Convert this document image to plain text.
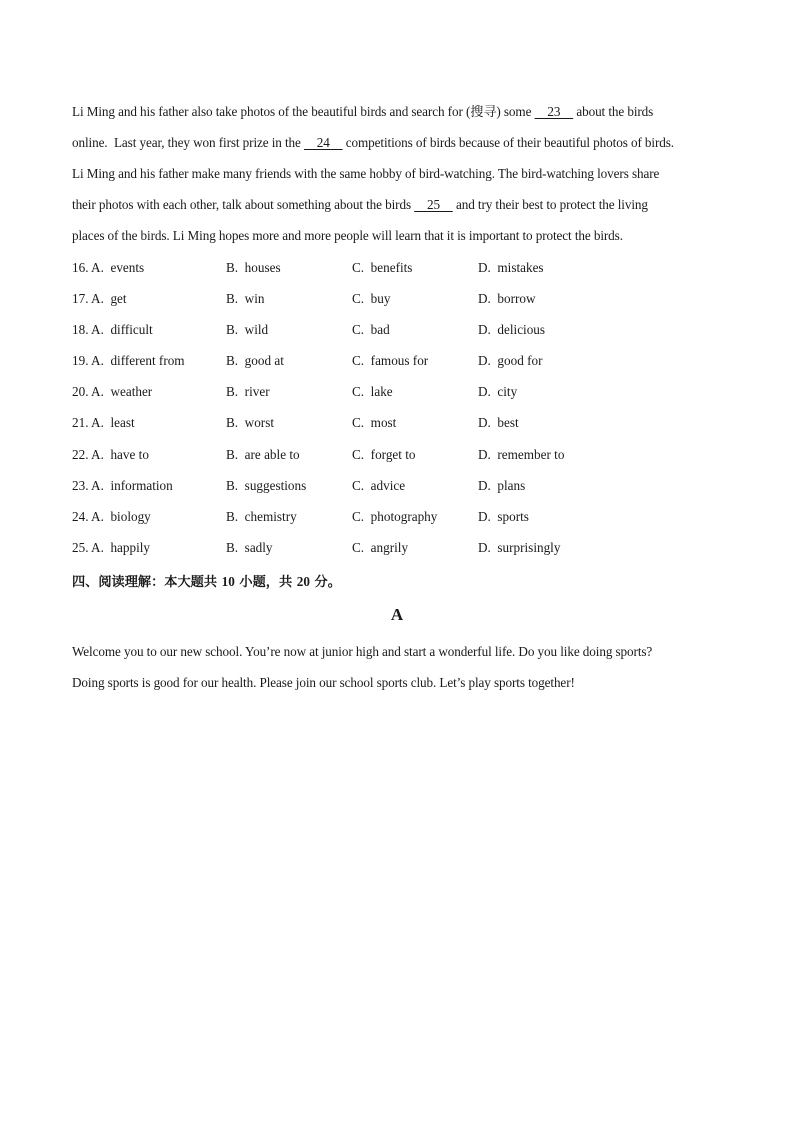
Li Ming and his father also take photos of the beautiful birds and search for (搜寻) some     23     about the birds
online.  Last year, they won first prize in the     24     competitions of birds because of their beautiful photos of birds.
Li Ming and his father make many friends with the same hobby of bird-watching. The bird-watching lovers share
their photos with each other, talk about something about the birds     25     and try their best to protect the living
places of the birds. Li Ming hopes more and more people will learn that it is important to protect the birds.
16. A.  events	B.  houses	C.  benefits	D.  mistakes
17. A.  get	B.  win	C.  buy	D.  borrow
18. A.  difficult	B.  wild	C.  bad	D.  delicious
19. A.  different from	B.  good at	C.  famous for	D.  good for
20. A.  weather	B.  river	C.  lake	D.  city
21. A.  least	B.  worst	C.  most	D.  best
22. A.  have to	B.  are able to	C.  forget to	D.  remember to
23. A.  information	B.  suggestions	C.  advice	D.  plans
24. A.  biology	B.  chemistry	C.  photography	D.  sports
25. A.  happily	B.  sadly	C.  angrily	D.  surprisingly
四、阅读理解：本大题共 10 小题，共 20 分。
A
Welcome you to our new school. You’re now at junior high and start a wonderful life. Do you like doing sports?
Doing sports is good for our health. Please join our school sports club. Let’s play sports together!
